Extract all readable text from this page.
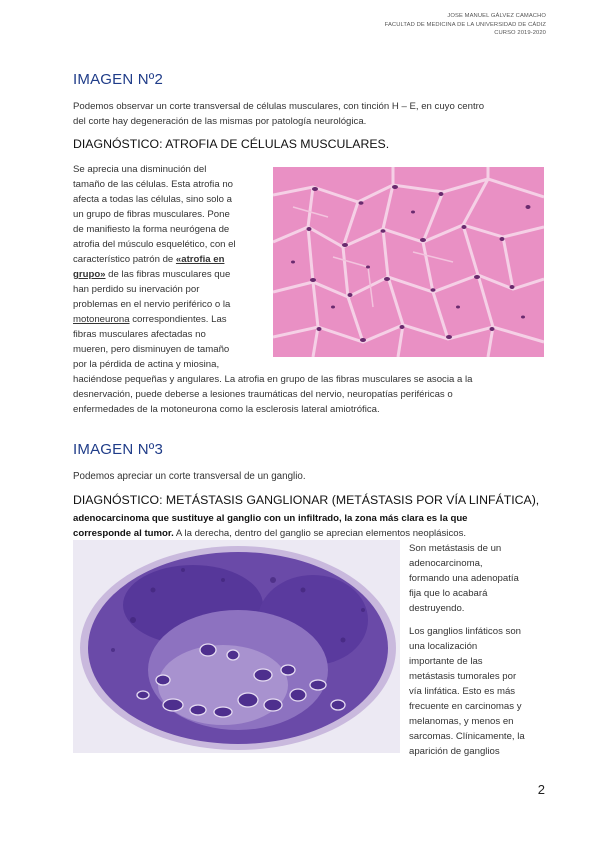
JOSE MANUEL GÁLVEZ CAMACHO
FACULTAD DE MEDICINA DE LA UNIVERSIDAD DE CÁDIZ
CURSO 2019-2020
IMAGEN Nº2
Podemos observar un corte transversal de células musculares, con tinción H – E, en cuyo centro
del corte hay degeneración de las mismas por patología neurológica.
DIAGNÓSTICO: ATROFIA DE CÉLULAS MUSCULARES.
Se aprecia una disminución del
tamaño de las células. Esta atrofia no
afecta a todas las células, sino solo a
un grupo de fibras musculares. Pone
de manifiesto la forma neurógena de
atrofia del músculo esquelético, con el
característico patrón de «atrofia en
grupo» de las fibras musculares que
han perdido su inervación por
problemas en el nervio periférico o la
motoneurona correspondientes. Las
fibras musculares afectadas no
mueren, pero disminuyen de tamaño
por la pérdida de actina y miosina,
haciéndose pequeñas y angulares. La atrofia en grupo de las fibras musculares se asocia a la
desnervación, puede deberse a lesiones traumáticas del nervio, neuropatías periféricas o
enfermedades de la motoneurona como la esclerosis lateral amiotrófica.
IMAGEN Nº3
Podemos apreciar un corte transversal de un ganglio.
DIAGNÓSTICO: METÁSTASIS GANGLIONAR (METÁSTASIS POR VÍA LINFÁTICA),
adenocarcinoma que sustituye al ganglio con un infiltrado, la zona más clara es la que
corresponde al tumor. A la derecha, dentro del ganglio se aprecian elementos neoplásicos.
Son metástasis de un
adenocarcinoma,
formando una adenopatía
fija que lo acabará
destruyendo.
Los ganglios linfáticos son
una localización
importante de las
metástasis tumorales por
vía linfática. Esto es más
frecuente en carcinomas y
melanomas, y menos en
sarcomas. Clínicamente, la
aparición de ganglios
2
